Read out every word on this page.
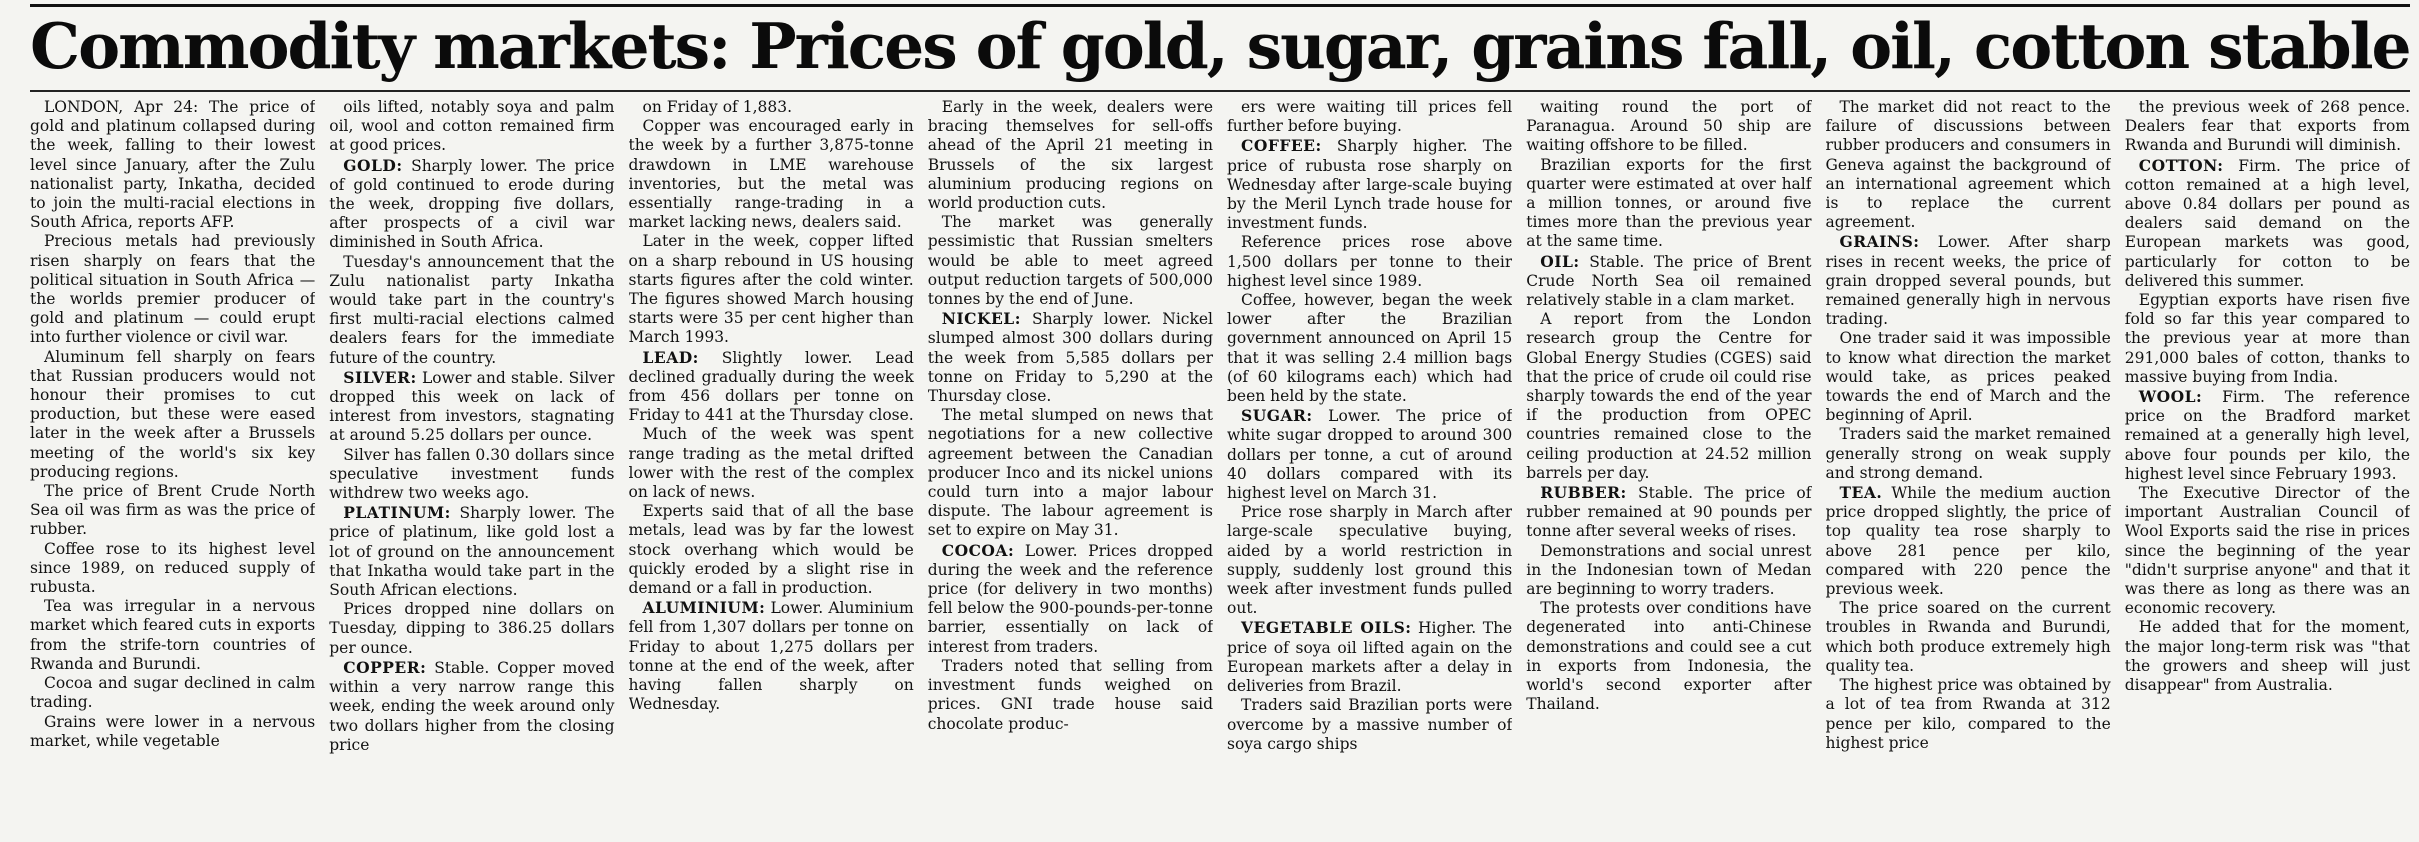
Commodity markets: Prices of gold, sugar, grains fall, oil, cotton stable

LONDON, Apr 24: The price of gold and platinum collapsed during the week, falling to their lowest level since January, after the Zulu nationalist party, Inkatha, decided to join the multi-racial elections in South Africa, reports AFP.

Precious metals had previously risen sharply on fears that the political situation in South Africa — the worlds premier producer of gold and platinum — could erupt into further violence or civil war.

Aluminum fell sharply on fears that Russian producers would not honour their promises to cut production, but these were eased later in the week after a Brussels meeting of the world's six key producing regions.

The price of Brent Crude North Sea oil was firm as was the price of rubber.

Coffee rose to its highest level since 1989, on reduced supply of rubusta.

Tea was irregular in a nervous market which feared cuts in exports from the strife-torn countries of Rwanda and Burundi.

Cocoa and sugar declined in calm trading.

Grains were lower in a nervous market, while vegetable

oils lifted, notably soya and palm oil, wool and cotton remained firm at good prices.

GOLD: Sharply lower. The price of gold continued to erode during the week, dropping five dollars, after prospects of a civil war diminished in South Africa.

Tuesday's announcement that the Zulu nationalist party Inkatha would take part in the country's first multi-racial elections calmed dealers fears for the immediate future of the country.

SILVER: Lower and stable. Silver dropped this week on lack of interest from investors, stagnating at around 5.25 dollars per ounce.

Silver has fallen 0.30 dollars since speculative investment funds withdrew two weeks ago.

PLATINUM: Sharply lower. The price of platinum, like gold lost a lot of ground on the announcement that Inkatha would take part in the South African elections.

Prices dropped nine dollars on Tuesday, dipping to 386.25 dollars per ounce.

COPPER: Stable. Copper moved within a very narrow range this week, ending the week around only two dollars higher from the closing price

on Friday of 1,883.

Copper was encouraged early in the week by a further 3,875-tonne drawdown in LME warehouse inventories, but the metal was essentially range-trading in a market lacking news, dealers said.

Later in the week, copper lifted on a sharp rebound in US housing starts figures after the cold winter. The figures showed March housing starts were 35 per cent higher than March 1993.

LEAD: Slightly lower. Lead declined gradually during the week from 456 dollars per tonne on Friday to 441 at the Thursday close.

Much of the week was spent range trading as the metal drifted lower with the rest of the complex on lack of news.

Experts said that of all the base metals, lead was by far the lowest stock overhang which would be quickly eroded by a slight rise in demand or a fall in production.

ALUMINIUM: Lower. Aluminium fell from 1,307 dollars per tonne on Friday to about 1,275 dollars per tonne at the end of the week, after having fallen sharply on Wednesday.

Early in the week, dealers were bracing themselves for sell-offs ahead of the April 21 meeting in Brussels of the six largest aluminium producing regions on world production cuts.

The market was generally pessimistic that Russian smelters would be able to meet agreed output reduction targets of 500,000 tonnes by the end of June.

NICKEL: Sharply lower. Nickel slumped almost 300 dollars during the week from 5,585 dollars per tonne on Friday to 5,290 at the Thursday close.

The metal slumped on news that negotiations for a new collective agreement between the Canadian producer Inco and its nickel unions could turn into a major labour dispute. The labour agreement is set to expire on May 31.

COCOA: Lower. Prices dropped during the week and the reference price (for delivery in two months) fell below the 900-pounds-per-tonne barrier, essentially on lack of interest from traders.

Traders noted that selling from investment funds weighed on prices. GNI trade house said chocolate produc-

ers were waiting till prices fell further before buying.

COFFEE: Sharply higher. The price of rubusta rose sharply on Wednesday after large-scale buying by the Meril Lynch trade house for investment funds.

Reference prices rose above 1,500 dollars per tonne to their highest level since 1989.

Coffee, however, began the week lower after the Brazilian government announced on April 15 that it was selling 2.4 million bags (of 60 kilograms each) which had been held by the state.

SUGAR: Lower. The price of white sugar dropped to around 300 dollars per tonne, a cut of around 40 dollars compared with its highest level on March 31.

Price rose sharply in March after large-scale speculative buying, aided by a world restriction in supply, suddenly lost ground this week after investment funds pulled out.

VEGETABLE OILS: Higher. The price of soya oil lifted again on the European markets after a delay in deliveries from Brazil.

Traders said Brazilian ports were overcome by a massive number of soya cargo ships

waiting round the port of Paranagua. Around 50 ship are waiting offshore to be filled.

Brazilian exports for the first quarter were estimated at over half a million tonnes, or around five times more than the previous year at the same time.

OIL: Stable. The price of Brent Crude North Sea oil remained relatively stable in a clam market.

A report from the London research group the Centre for Global Energy Studies (CGES) said that the price of crude oil could rise sharply towards the end of the year if the production from OPEC countries remained close to the ceiling production at 24.52 million barrels per day.

RUBBER: Stable. The price of rubber remained at 90 pounds per tonne after several weeks of rises.

Demonstrations and social unrest in the Indonesian town of Medan are beginning to worry traders.

The protests over conditions have degenerated into anti-Chinese demonstrations and could see a cut in exports from Indonesia, the world's second exporter after Thailand.

The market did not react to the failure of discussions between rubber producers and consumers in Geneva against the background of an international agreement which is to replace the current agreement.

GRAINS: Lower. After sharp rises in recent weeks, the price of grain dropped several pounds, but remained generally high in nervous trading.

One trader said it was impossible to know what direction the market would take, as prices peaked towards the end of March and the beginning of April.

Traders said the market remained generally strong on weak supply and strong demand.

TEA. While the medium auction price dropped slightly, the price of top quality tea rose sharply to above 281 pence per kilo, compared with 220 pence the previous week.

The price soared on the current troubles in Rwanda and Burundi, which both produce extremely high quality tea.

The highest price was obtained by a lot of tea from Rwanda at 312 pence per kilo, compared to the highest price

the previous week of 268 pence. Dealers fear that exports from Rwanda and Burundi will diminish.

COTTON: Firm. The price of cotton remained at a high level, above 0.84 dollars per pound as dealers said demand on the European markets was good, particularly for cotton to be delivered this summer.

Egyptian exports have risen five fold so far this year compared to the previous year at more than 291,000 bales of cotton, thanks to massive buying from India.

WOOL: Firm. The reference price on the Bradford market remained at a generally high level, above four pounds per kilo, the highest level since February 1993.

The Executive Director of the important Australian Council of Wool Exports said the rise in prices since the beginning of the year "didn't surprise anyone" and that it was there as long as there was an economic recovery.

He added that for the moment, the major long-term risk was "that the growers and sheep will just disappear" from Australia.
